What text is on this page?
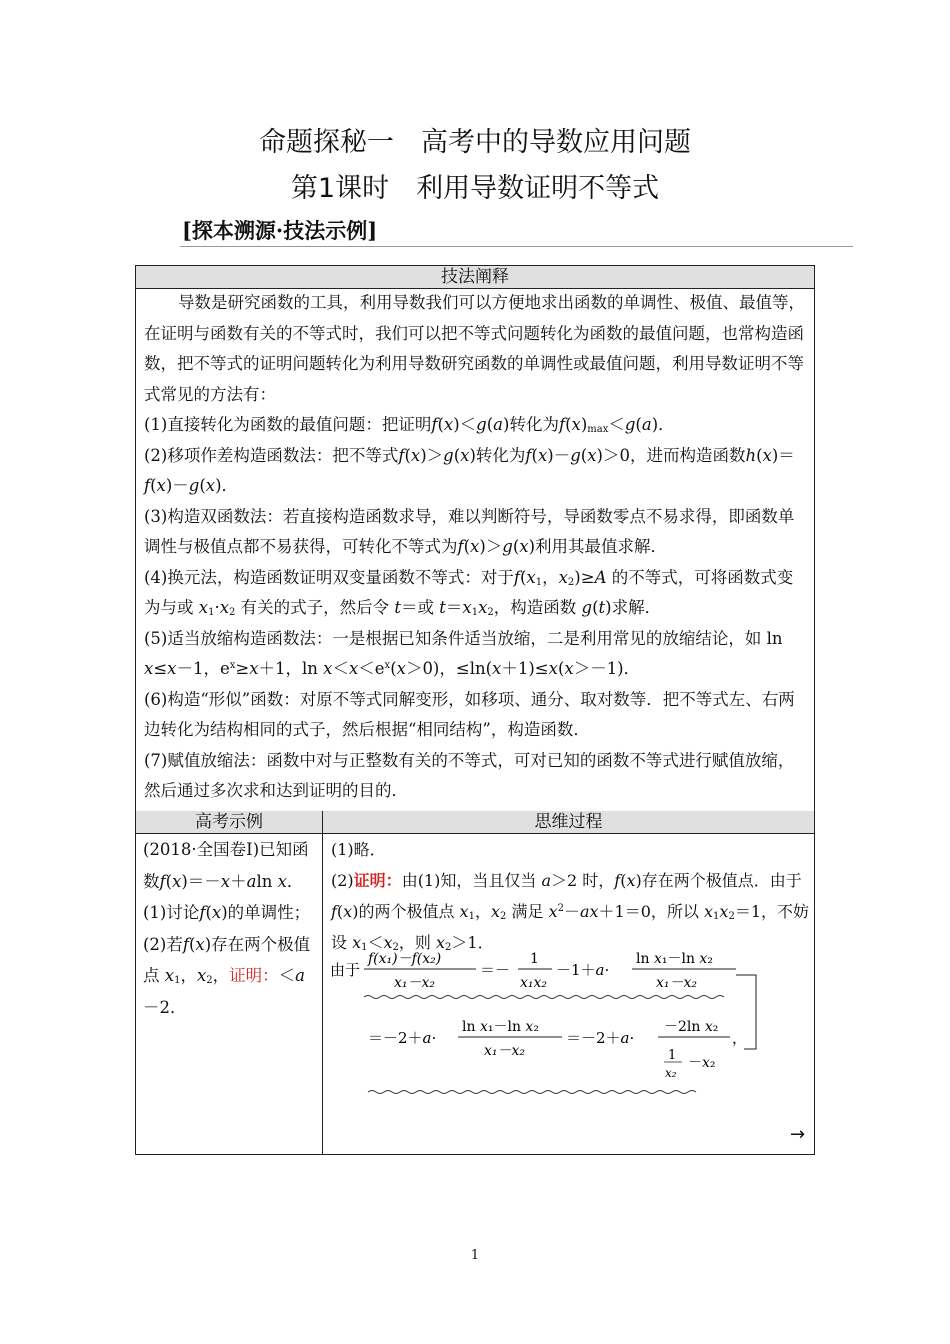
命题探秘一　高考中的导数应用问题
第1课时　利用导数证明不等式
[探本溯源·技法示例]
技法阐释

导数是研究函数的工具，利用导数我们可以方便地求出函数的单调性、极值、最值等，在证明与函数有关的不等式时，我们可以把不等式问题转化为函数的最值问题，也常构造函数，把不等式的证明问题转化为利用导数研究函数的单调性或最值问题，利用导数证明不等式常见的方法有：

(1)直接转化为函数的最值问题：把证明f(x)＜g(a)转化为$f(x)_{max}<g(a)$．

(2)移项作差构造函数法：把不等式f(x)＞g(x)转化为f(x)－g(x)＞0，进而构造函数h(x)＝f(x)－g(x)．

(3)构造双函数法：若直接构造函数求导，难以判断符号，导函数零点不易求得，即函数单调性与极值点都不易获得，可转化不等式为f(x)＞g(x)利用其最值求解．

(4)换元法，构造函数证明双变量函数不等式：对于$f(x_1$，$x_2)\ge A$ 的不等式，可将函数式变为与或 $x_1\cdot x_2$ 有关的式子，然后令 t＝或 $t=x_1x_2$，构造函数 g(t)求解．

(5)适当放缩构造函数法：一是根据已知条件适当放缩，二是利用常见的放缩结论，如 ln x≤x－1，$e^x\ge x+1$，$\ln x<x<e^x(x>0)$，≤ln(x＋1)≤x(x＞－1)．

(6)构造“形似”函数：对原不等式同解变形，如移项、通分、取对数等．把不等式左、右两边转化为结构相同的式子，然后根据“相同结构”，构造函数．

(7)赋值放缩法：函数中对与正整数有关的不等式，可对已知的函数不等式进行赋值放缩，然后通过多次求和达到证明的目的．

高考示例	思维过程

(2018·全国卷Ⅰ)已知函数f(x)＝－x＋aln x．

(1)讨论f(x)的单调性；

(2)若f(x)存在两个极值点 $x_1$，$x_2$，证明：＜a－2．

(1)略．

(2)证明：由(1)知，当且仅当 a＞2 时，f(x)存在两个极值点．由于 f(x)的两个极值点 $x_1$，$x_2$ 满足 $x^2-ax+1=0$，所以 $x_1x_2=1$，不妨设 $x_1<x_2$，则 $x_2>1$．

由于
f(x₁)－f(x₂)
x₁－x₂
＝－
1
x₁x₂
－1＋a·
ln x₁－ln x₂
x₁－x₂
＝－2＋a·
ln x₁－ln x₂
x₁－x₂
＝－2＋a·
－2ln x₂
1
x₂
－x₂
，
→
1
